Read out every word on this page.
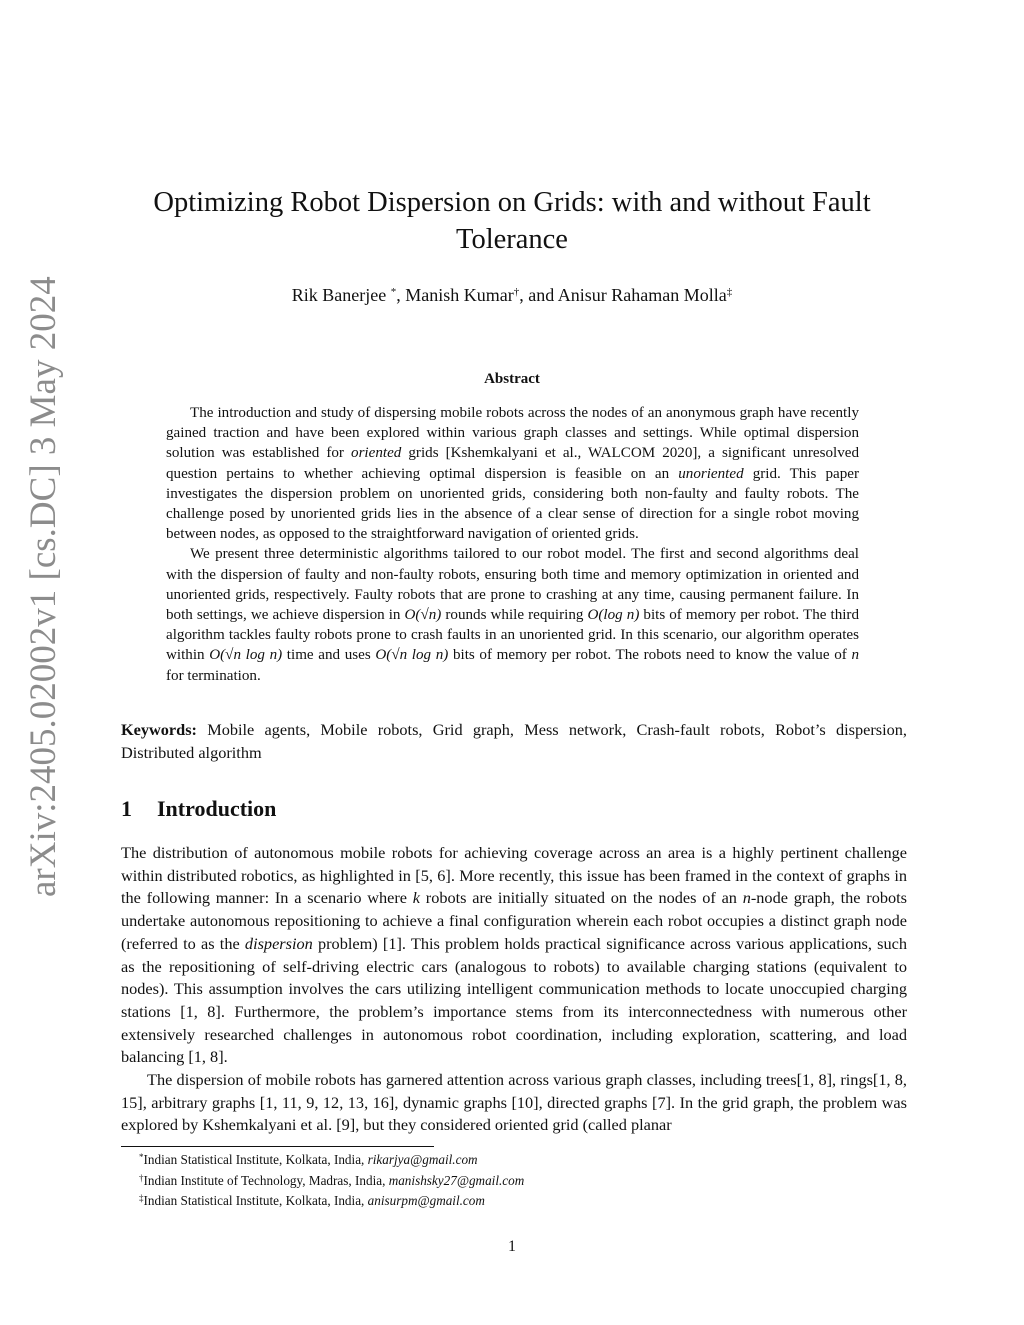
arXiv:2405.02002v1 [cs.DC] 3 May 2024
Optimizing Robot Dispersion on Grids: with and without Fault Tolerance
Rik Banerjee *, Manish Kumar†, and Anisur Rahaman Molla‡
Abstract

The introduction and study of dispersing mobile robots across the nodes of an anonymous graph have recently gained traction and have been explored within various graph classes and settings. While optimal dispersion solution was established for oriented grids [Kshemkalyani et al., WALCOM 2020], a significant unresolved question pertains to whether achieving optimal dispersion is feasible on an unoriented grid. This paper investigates the dispersion problem on unoriented grids, considering both non-faulty and faulty robots. The challenge posed by unoriented grids lies in the absence of a clear sense of direction for a single robot moving between nodes, as opposed to the straightforward navigation of oriented grids.

We present three deterministic algorithms tailored to our robot model. The first and second algorithms deal with the dispersion of faulty and non-faulty robots, ensuring both time and memory optimization in oriented and unoriented grids, respectively. Faulty robots that are prone to crashing at any time, causing permanent failure. In both settings, we achieve dispersion in O(√n) rounds while requiring O(log n) bits of memory per robot. The third algorithm tackles faulty robots prone to crash faults in an unoriented grid. In this scenario, our algorithm operates within O(√n log n) time and uses O(√n log n) bits of memory per robot. The robots need to know the value of n for termination.

Keywords: Mobile agents, Mobile robots, Grid graph, Mess network, Crash-fault robots, Robot’s dispersion, Distributed algorithm
1 Introduction

The distribution of autonomous mobile robots for achieving coverage across an area is a highly pertinent challenge within distributed robotics, as highlighted in [5, 6]. More recently, this issue has been framed in the context of graphs in the following manner: In a scenario where k robots are initially situated on the nodes of an n-node graph, the robots undertake autonomous repositioning to achieve a final configuration wherein each robot occupies a distinct graph node (referred to as the dispersion problem) [1]. This problem holds practical significance across various applications, such as the repositioning of self-driving electric cars (analogous to robots) to available charging stations (equivalent to nodes). This assumption involves the cars utilizing intelligent communication methods to locate unoccupied charging stations [1, 8]. Furthermore, the problem’s importance stems from its interconnectedness with numerous other extensively researched challenges in autonomous robot coordination, including exploration, scattering, and load balancing [1, 8].

The dispersion of mobile robots has garnered attention across various graph classes, including trees[1, 8], rings[1, 8, 15], arbitrary graphs [1, 11, 9, 12, 13, 16], dynamic graphs [10], directed graphs [7]. In the grid graph, the problem was explored by Kshemkalyani et al. [9], but they considered oriented grid (called planar

*Indian Statistical Institute, Kolkata, India, rikarjya@gmail.com
†Indian Institute of Technology, Madras, India, manishsky27@gmail.com
‡Indian Statistical Institute, Kolkata, India, anisurpm@gmail.com
1
